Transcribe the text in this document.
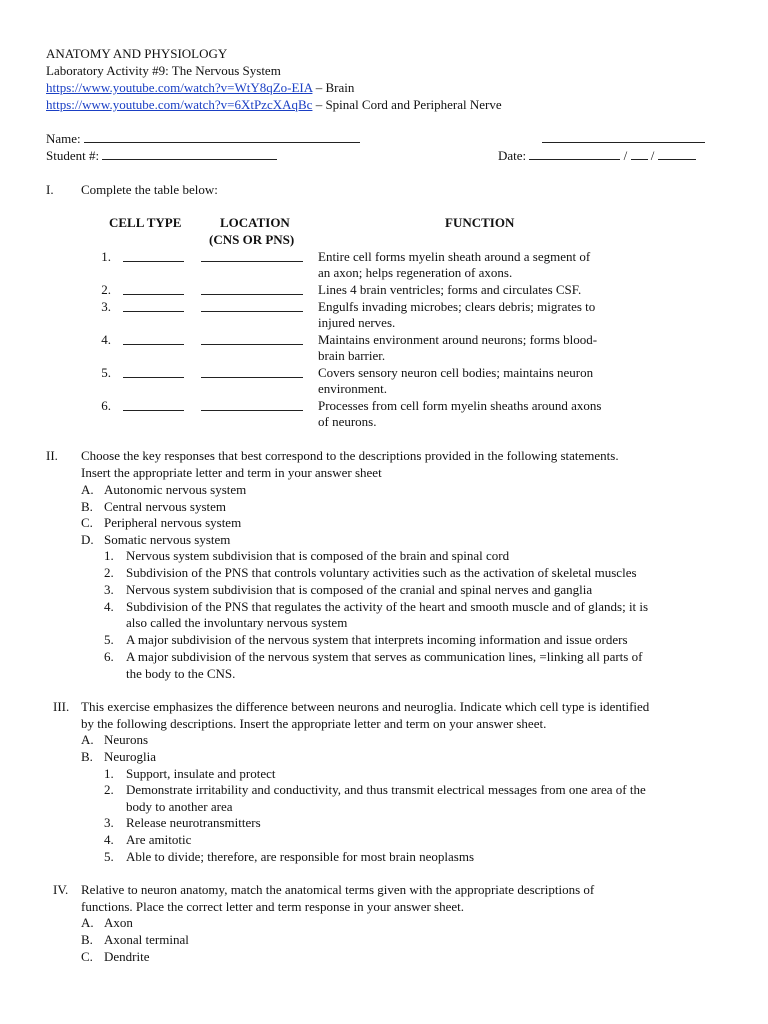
ANATOMY AND PHYSIOLOGY
Laboratory Activity #9: The Nervous System
https://www.youtube.com/watch?v=WtY8qZo-EIA – Brain
https://www.youtube.com/watch?v=6XtPzcXAqBc – Spinal Cord and Peripheral Nerve
Name:
Student #:	Date:	/ /
I. Complete the table below:
CELL TYPE	LOCATION
(CNS OR PNS)
FUNCTION
1.	Entire cell forms myelin sheath around a segment of
an axon; helps regeneration of axons.
2.	Lines 4 brain ventricles; forms and circulates CSF.
3.	Engulfs invading microbes; clears debris; migrates to
injured nerves.
4.	Maintains environment around neurons; forms blood-
brain barrier.
5.	Covers sensory neuron cell bodies; maintains neuron
environment.
6.	Processes from cell form myelin sheaths around axons
of neurons.
II. Choose the key responses that best correspond to the descriptions provided in the following statements.
Insert the appropriate letter and term in your answer sheet
A. Autonomic nervous system
B. Central nervous system
C. Peripheral nervous system
D. Somatic nervous system
1. Nervous system subdivision that is composed of the brain and spinal cord
2. Subdivision of the PNS that controls voluntary activities such as the activation of skeletal muscles
3. Nervous system subdivision that is composed of the cranial and spinal nerves and ganglia
4. Subdivision of the PNS that regulates the activity of the heart and smooth muscle and of glands; it is
also called the involuntary nervous system
5. A major subdivision of the nervous system that interprets incoming information and issue orders
6. A major subdivision of the nervous system that serves as communication lines, =linking all parts of
the body to the CNS.
III. This exercise emphasizes the difference between neurons and neuroglia. Indicate which cell type is identified
by the following descriptions. Insert the appropriate letter and term on your answer sheet.
A. Neurons
B. Neuroglia
1. Support, insulate and protect
2. Demonstrate irritability and conductivity, and thus transmit electrical messages from one area of the
body to another area
3. Release neurotransmitters
4. Are amitotic
5. Able to divide; therefore, are responsible for most brain neoplasms
IV. Relative to neuron anatomy, match the anatomical terms given with the appropriate descriptions of
functions. Place the correct letter and term response in your answer sheet.
A. Axon
B. Axonal terminal
C. Dendrite
